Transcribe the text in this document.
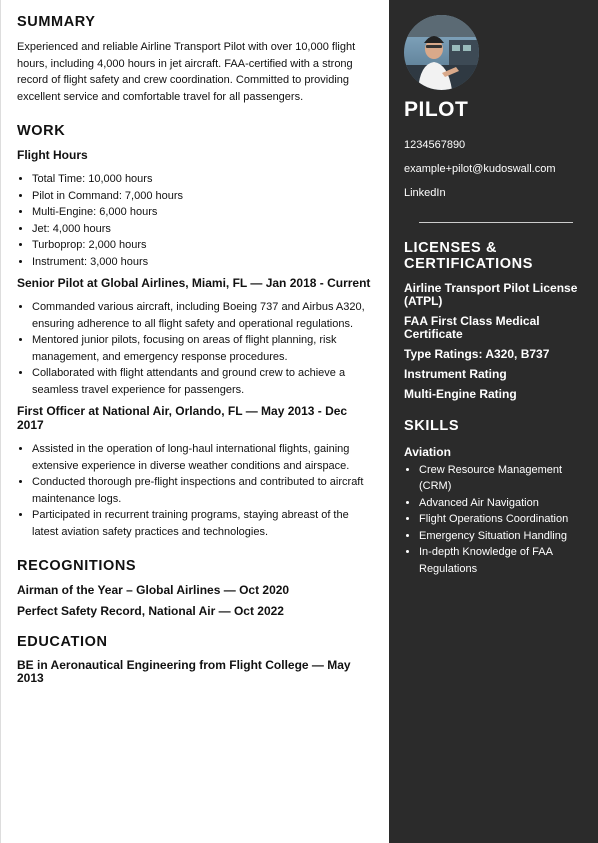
SUMMARY

Experienced and reliable Airline Transport Pilot with over 10,000 flight hours, including 4,000 hours in jet aircraft. FAA-certified with a strong record of flight safety and crew coordination. Committed to providing excellent service and comfortable travel for all passengers.

WORK
Flight Hours
• Total Time: 10,000 hours
• Pilot in Command: 7,000 hours
• Multi-Engine: 6,000 hours
• Jet: 4,000 hours
• Turboprop: 2,000 hours
• Instrument: 3,000 hours
Senior Pilot at Global Airlines, Miami, FL — Jan 2018 - Current
• Commanded various aircraft, including Boeing 737 and Airbus A320, ensuring adherence to all flight safety and operational regulations.
• Mentored junior pilots, focusing on areas of flight planning, risk management, and emergency response procedures.
• Collaborated with flight attendants and ground crew to achieve a seamless travel experience for passengers.
First Officer at National Air, Orlando, FL — May 2013 - Dec 2017
• Assisted in the operation of long-haul international flights, gaining extensive experience in diverse weather conditions and airspace.
• Conducted thorough pre-flight inspections and contributed to aircraft maintenance logs.
• Participated in recurrent training programs, staying abreast of the latest aviation safety practices and technologies.
RECOGNITIONS

Airman of the Year – Global Airlines — Oct 2020

Perfect Safety Record, National Air — Oct 2022

EDUCATION

BE in Aeronautical Engineering from Flight College — May 2013

PILOT
1234567890
example+pilot@kudoswall.com
LinkedIn
LICENSES & CERTIFICATIONS

Airline Transport Pilot License (ATPL)

FAA First Class Medical Certificate

Type Ratings: A320, B737

Instrument Rating

Multi-Engine Rating

SKILLS
Aviation
• Crew Resource Management (CRM)
• Advanced Air Navigation
• Flight Operations Coordination
• Emergency Situation Handling
• In-depth Knowledge of FAA Regulations
